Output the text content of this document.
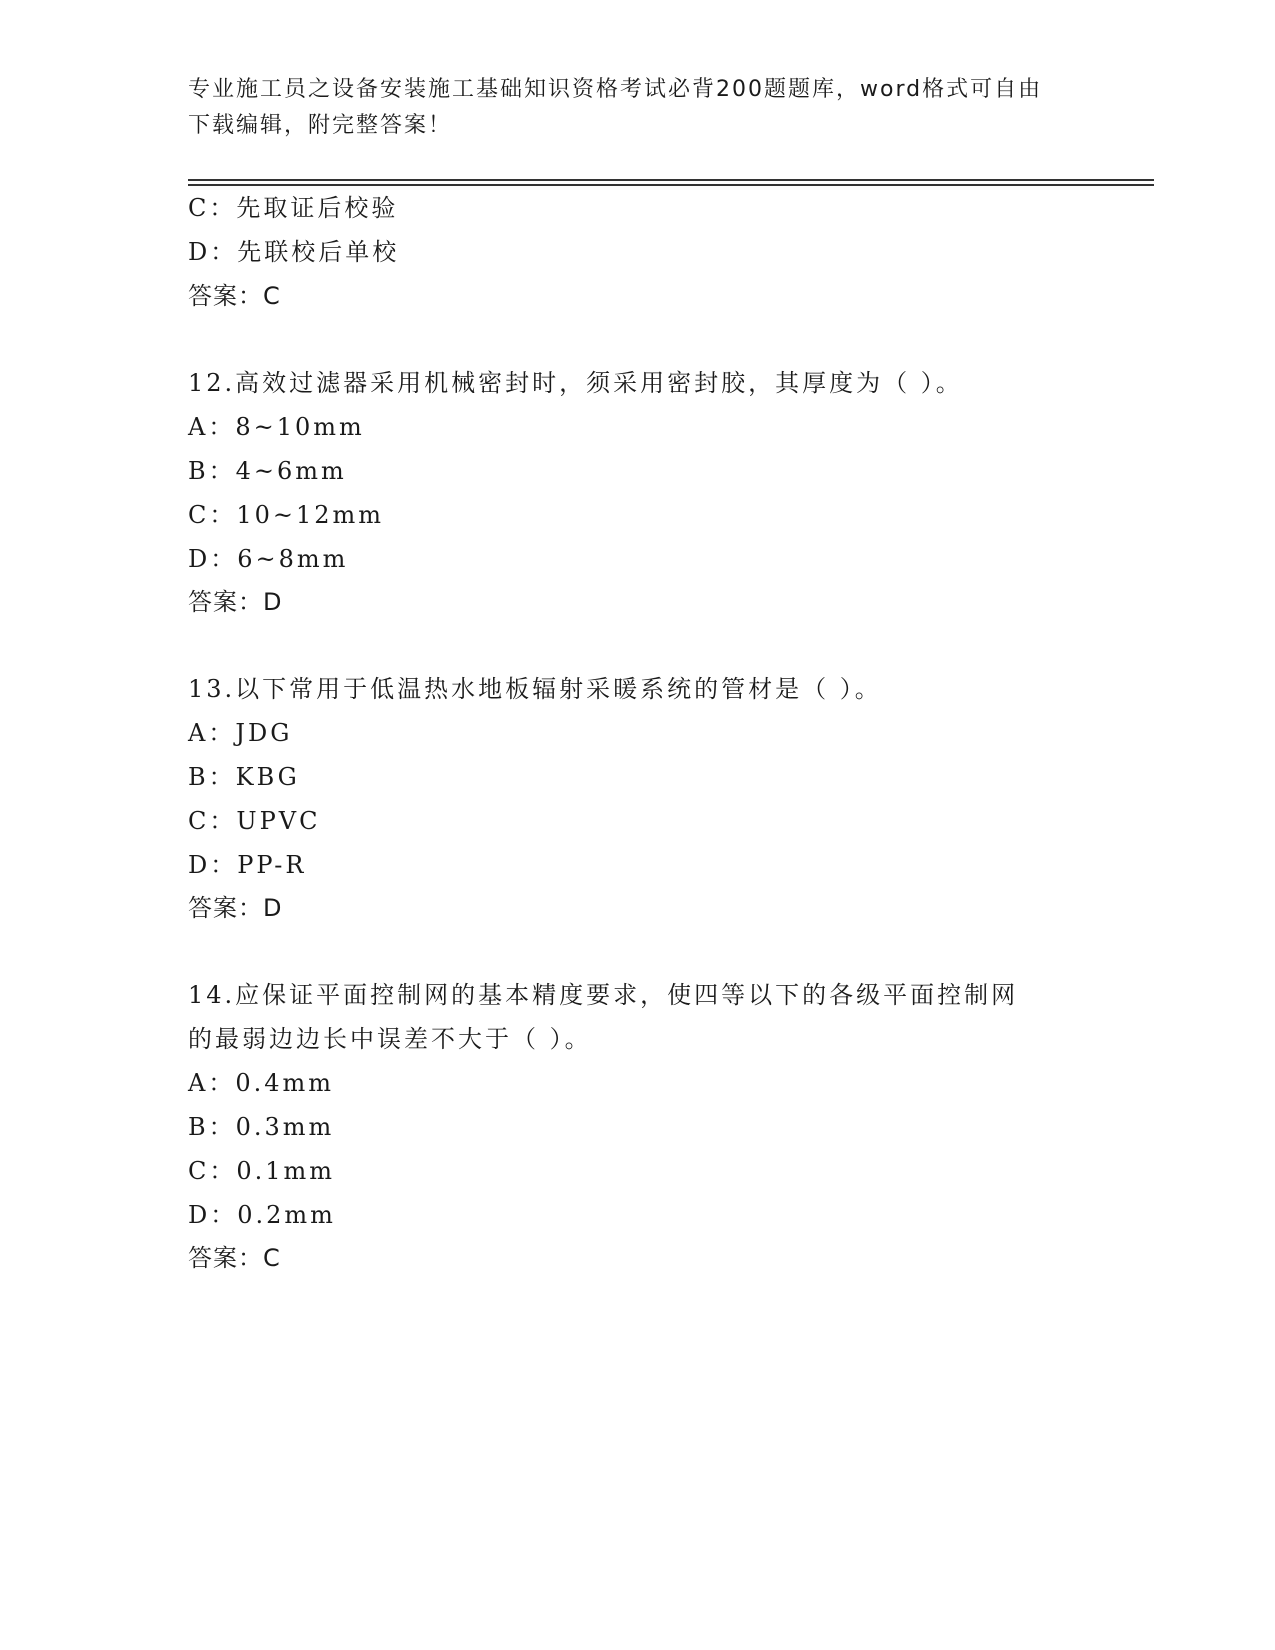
专业施工员之设备安装施工基础知识资格考试必背200题题库，word格式可自由
下载编辑，附完整答案！
C：先取证后校验
D：先联校后单校
答案：C
12.高效过滤器采用机械密封时，须采用密封胶，其厚度为（ ）。
A：8~10mm
B：4~6mm
C：10~12mm
D：6~8mm
答案：D
13.以下常用于低温热水地板辐射采暖系统的管材是（ ）。
A：JDG
B：KBG
C：UPVC
D：PP-R
答案：D
14.应保证平面控制网的基本精度要求，使四等以下的各级平面控制网
的最弱边边长中误差不大于（ ）。
A：0.4mm
B：0.3mm
C：0.1mm
D：0.2mm
答案：C
